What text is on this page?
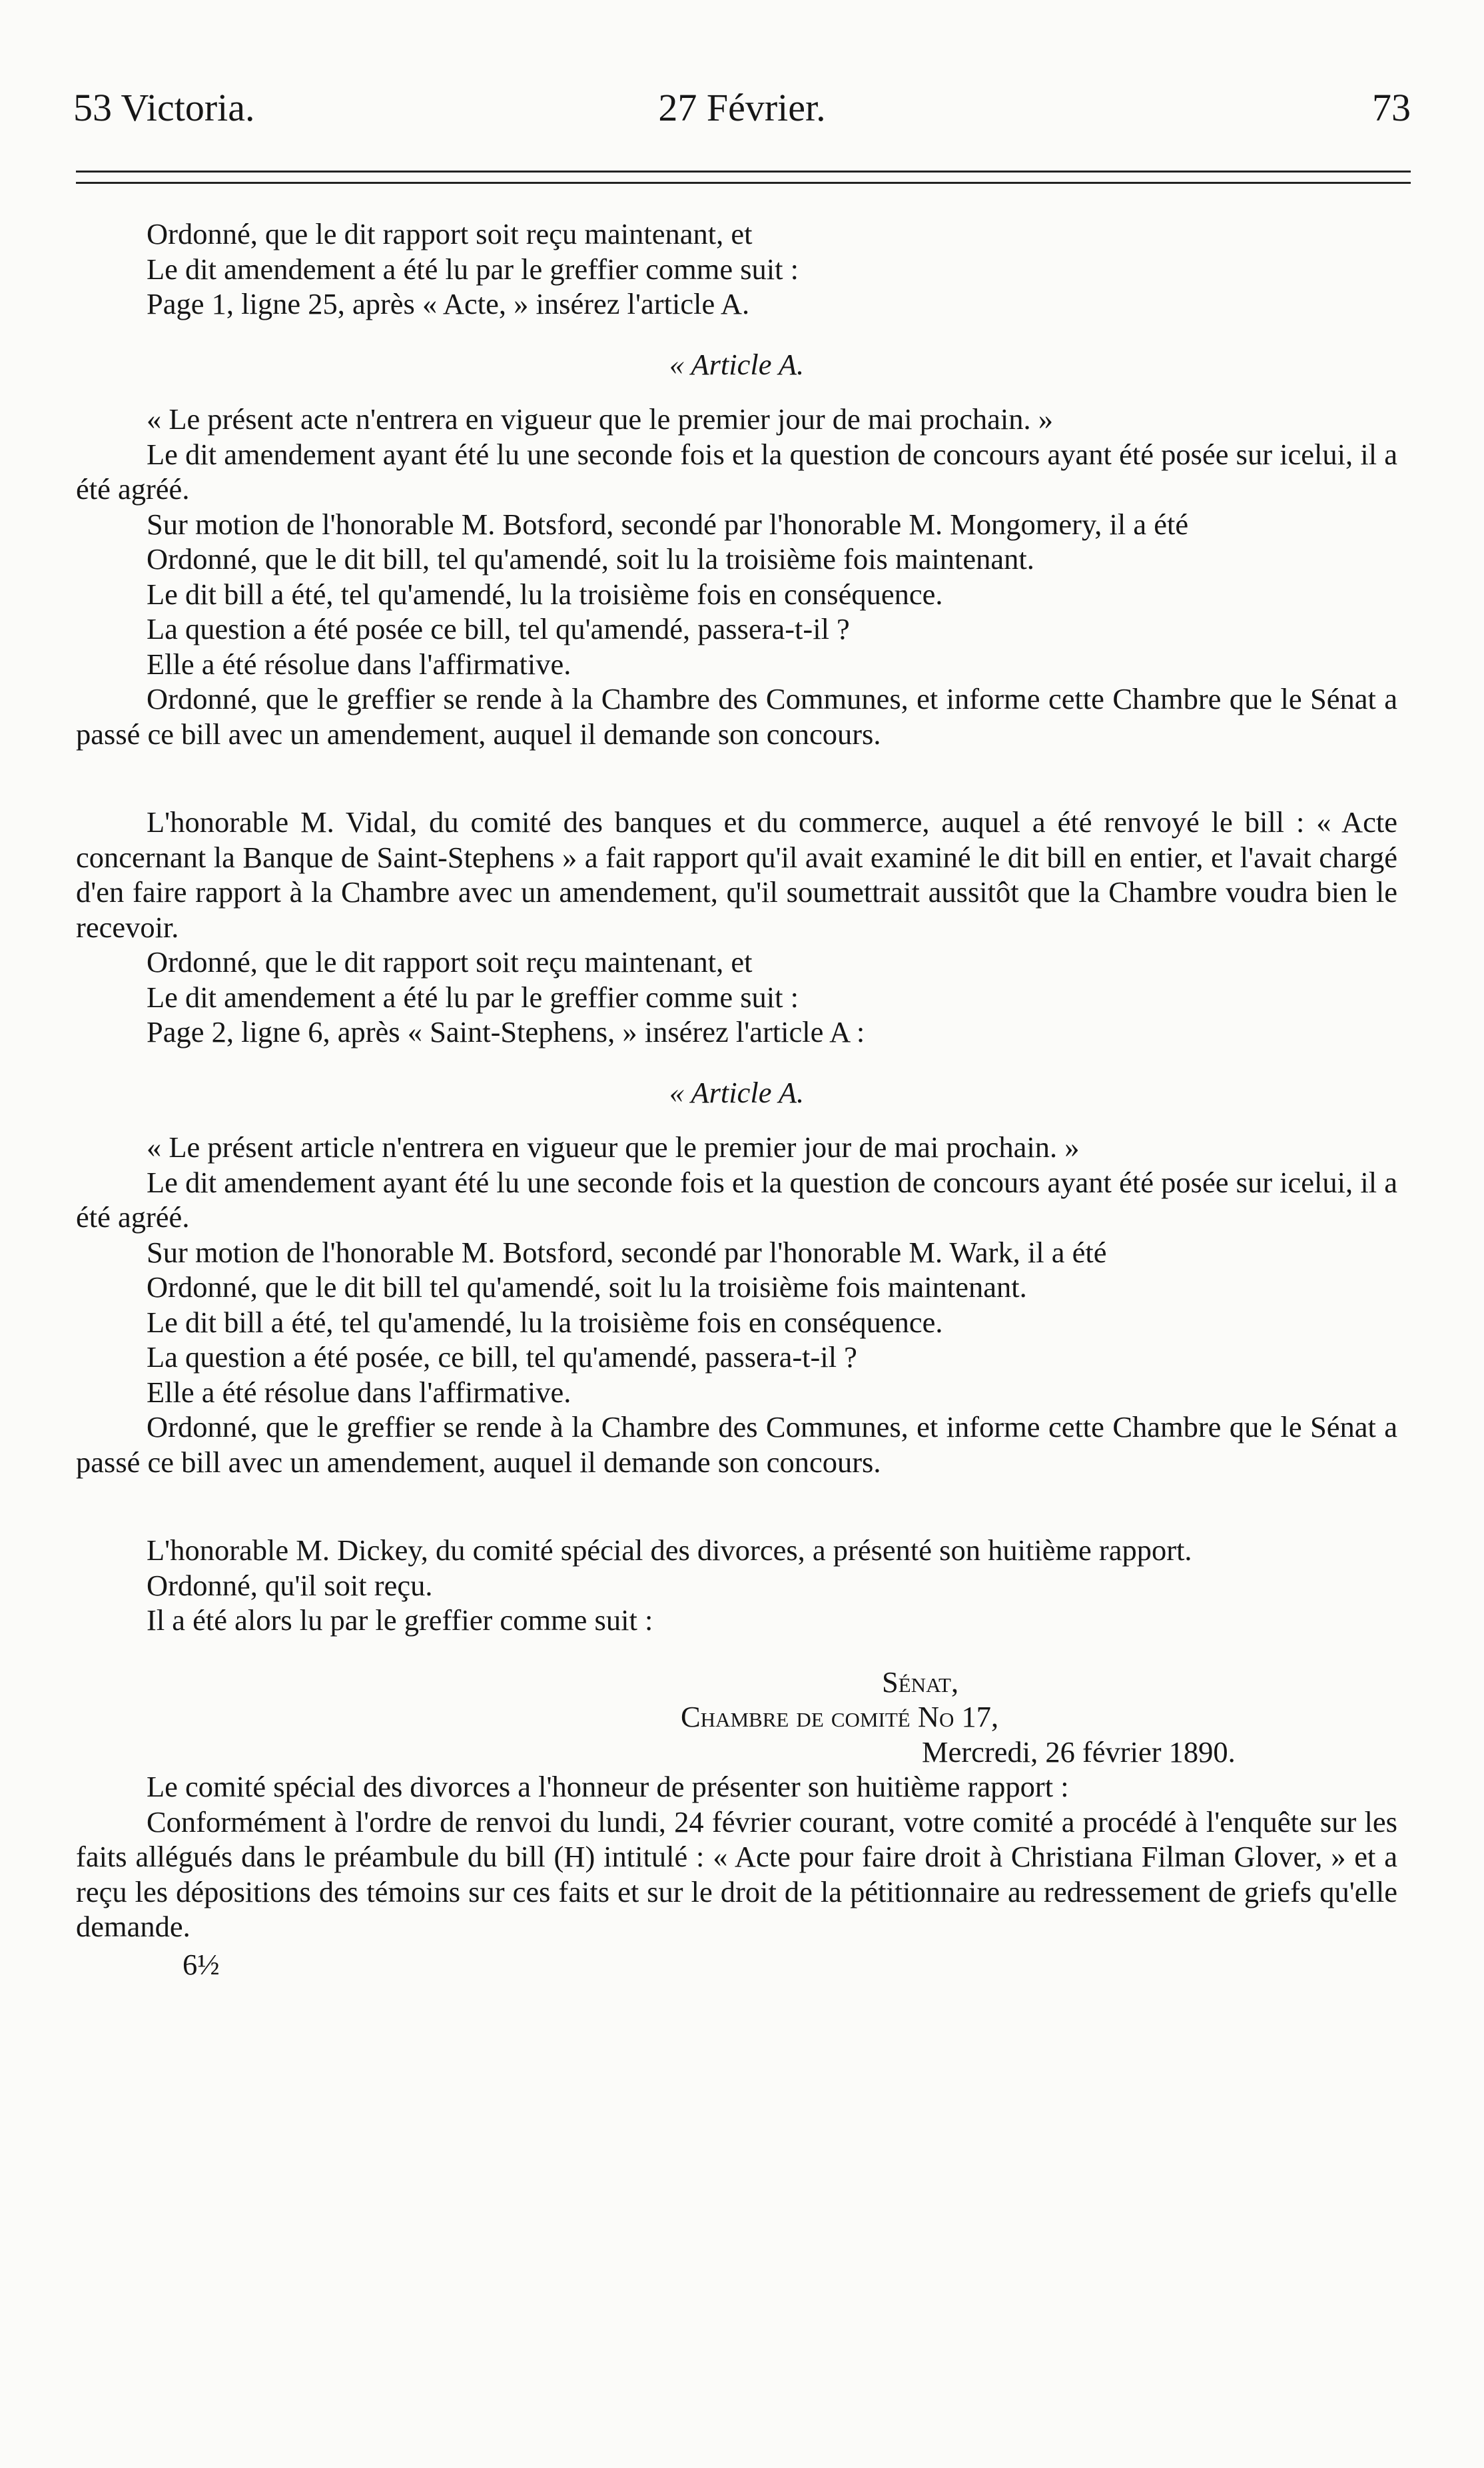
53 Victoria.	27 Février.	73

Ordonné, que le dit rapport soit reçu maintenant, et

Le dit amendement a été lu par le greffier comme suit :

Page 1, ligne 25, après « Acte, » insérez l'article A.

« Article A.

« Le présent acte n'entrera en vigueur que le premier jour de mai prochain. »

Le dit amendement ayant été lu une seconde fois et la question de concours ayant été posée sur icelui, il a été agréé.

Sur motion de l'honorable M. Botsford, secondé par l'honorable M. Mongomery, il a été

Ordonné, que le dit bill, tel qu'amendé, soit lu la troisième fois maintenant.

Le dit bill a été, tel qu'amendé, lu la troisième fois en conséquence.

La question a été posée ce bill, tel qu'amendé, passera-t-il ?

Elle a été résolue dans l'affirmative.

Ordonné, que le greffier se rende à la Chambre des Communes, et informe cette Chambre que le Sénat a passé ce bill avec un amendement, auquel il demande son concours.

L'honorable M. Vidal, du comité des banques et du commerce, auquel a été renvoyé le bill : « Acte concernant la Banque de Saint-Stephens » a fait rapport qu'il avait examiné le dit bill en entier, et l'avait chargé d'en faire rapport à la Chambre avec un amendement, qu'il soumettrait aussitôt que la Chambre voudra bien le recevoir.

Ordonné, que le dit rapport soit reçu maintenant, et

Le dit amendement a été lu par le greffier comme suit :

Page 2, ligne 6, après « Saint-Stephens, » insérez l'article A :

« Article A.

« Le présent article n'entrera en vigueur que le premier jour de mai prochain. »

Le dit amendement ayant été lu une seconde fois et la question de concours ayant été posée sur icelui, il a été agréé.

Sur motion de l'honorable M. Botsford, secondé par l'honorable M. Wark, il a été

Ordonné, que le dit bill tel qu'amendé, soit lu la troisième fois maintenant.

Le dit bill a été, tel qu'amendé, lu la troisième fois en conséquence.

La question a été posée, ce bill, tel qu'amendé, passera-t-il ?

Elle a été résolue dans l'affirmative.

Ordonné, que le greffier se rende à la Chambre des Communes, et informe cette Chambre que le Sénat a passé ce bill avec un amendement, auquel il demande son concours.

L'honorable M. Dickey, du comité spécial des divorces, a présenté son huitième rapport.

Ordonné, qu'il soit reçu.

Il a été alors lu par le greffier comme suit :

Sénat,

Chambre de comité No 17,

Mercredi, 26 février 1890.

Le comité spécial des divorces a l'honneur de présenter son huitième rapport :

Conformément à l'ordre de renvoi du lundi, 24 février courant, votre comité a procédé à l'enquête sur les faits allégués dans le préambule du bill (H) intitulé : « Acte pour faire droit à Christiana Filman Glover, » et a reçu les dépositions des témoins sur ces faits et sur le droit de la pétitionnaire au redressement de griefs qu'elle demande.

6½
